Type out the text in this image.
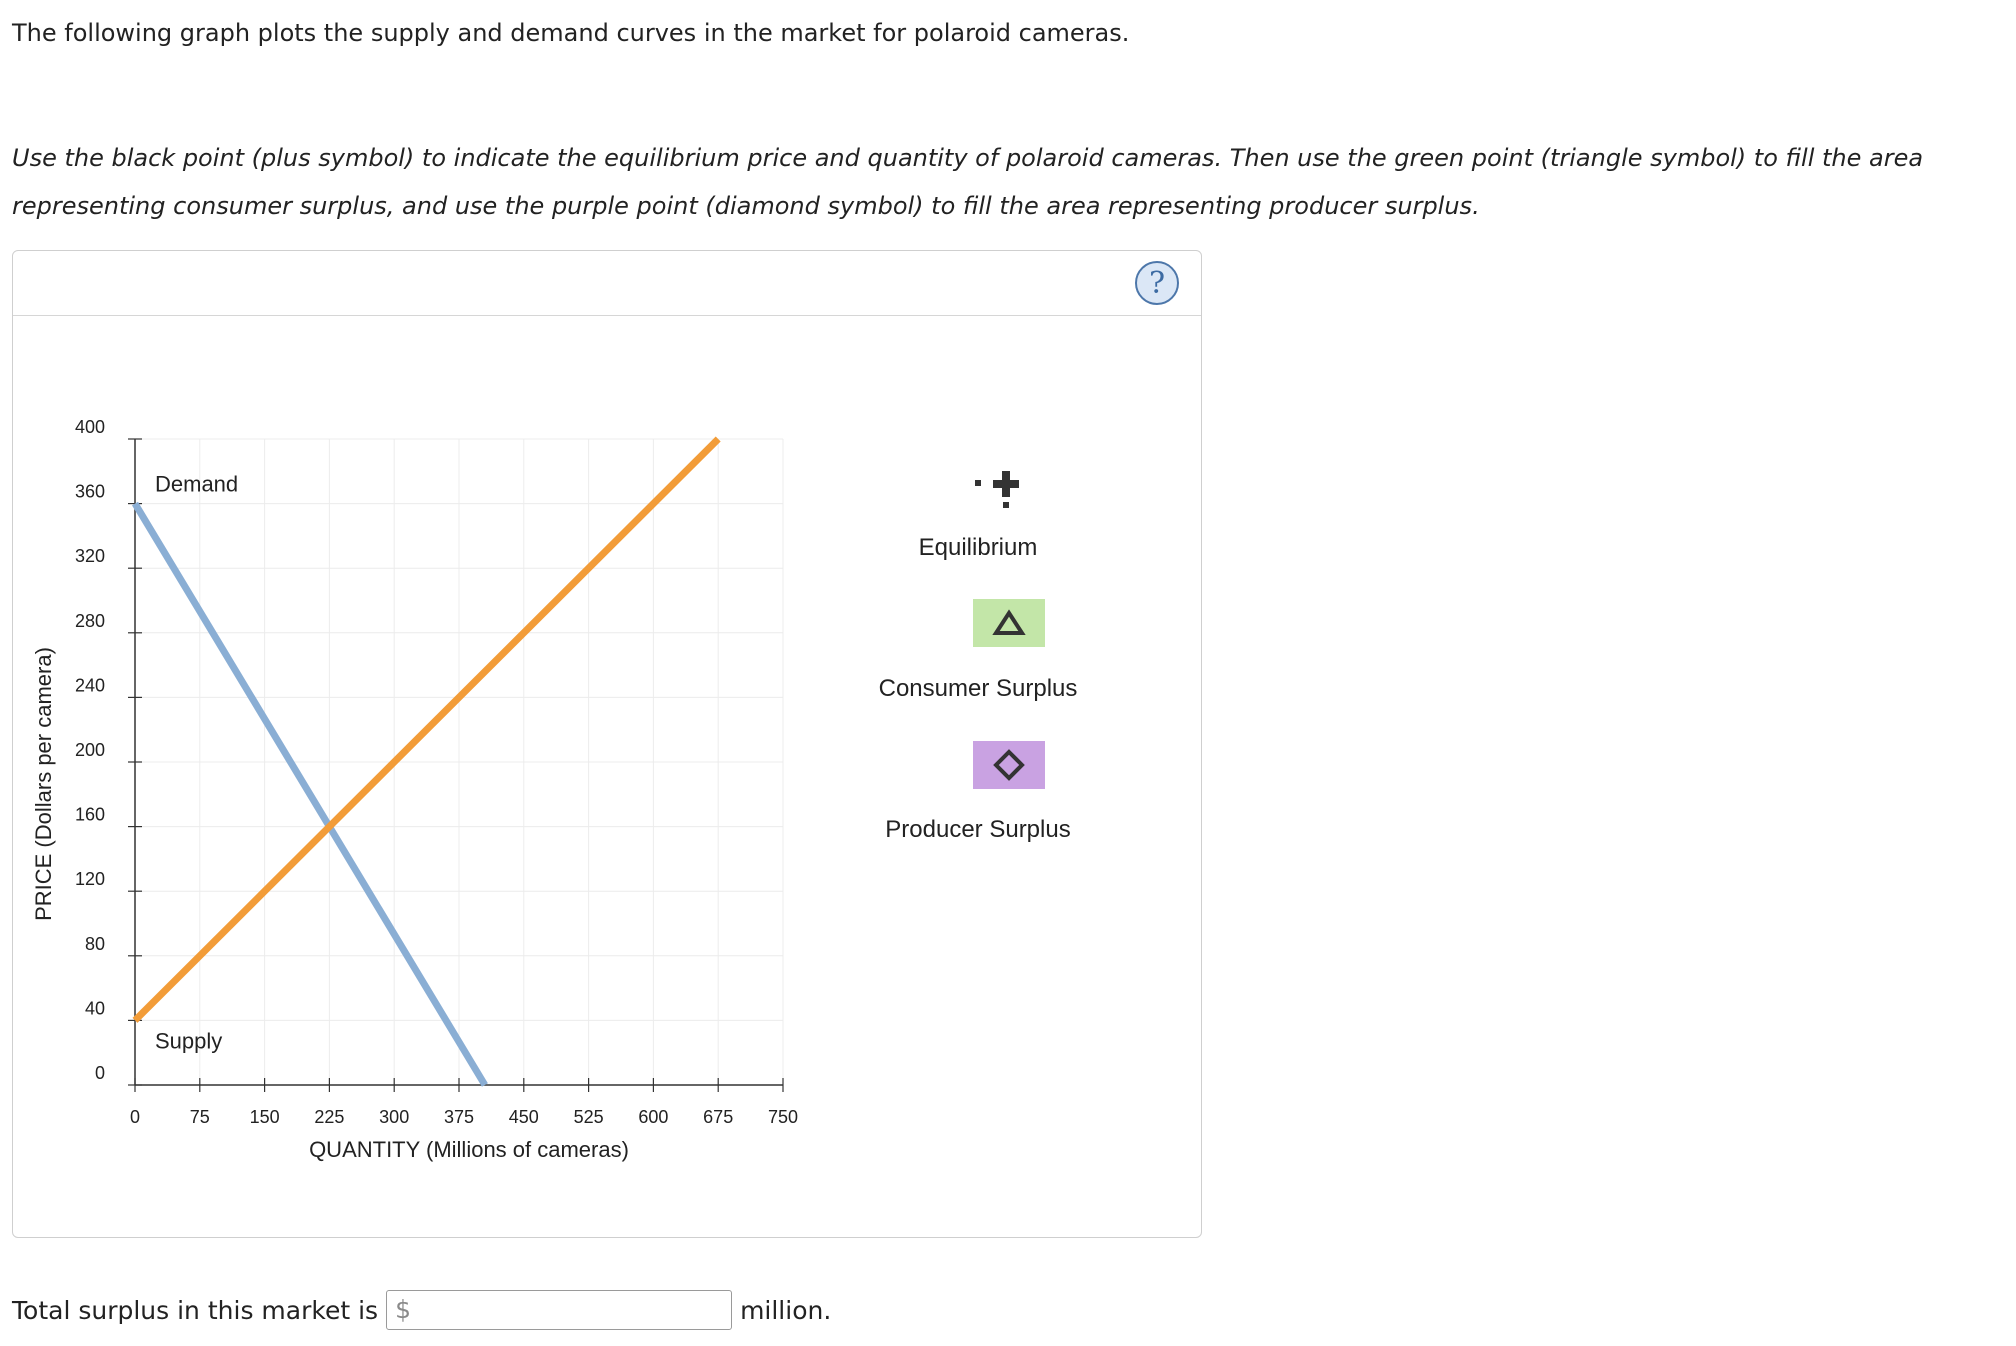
The following graph plots the supply and demand curves in the market for polaroid cameras.

Use the black point (plus symbol) to indicate the equilibrium price and quantity of polaroid cameras. Then use the green point (triangle symbol) to fill the area representing consumer surplus, and use the purple point (diamond symbol) to fill the area representing producer surplus.

?
0	75 150 225 300 375 450 525 600 675 750
0
40
80
120
160
200
240
280
320
360
400
QUANTITY (Millions of cameras)
PRICE (Dollars per camera)
Demand
Supply
Equilibrium
Consumer Surplus
Producer Surplus
Total surplus in this market is $	million.
